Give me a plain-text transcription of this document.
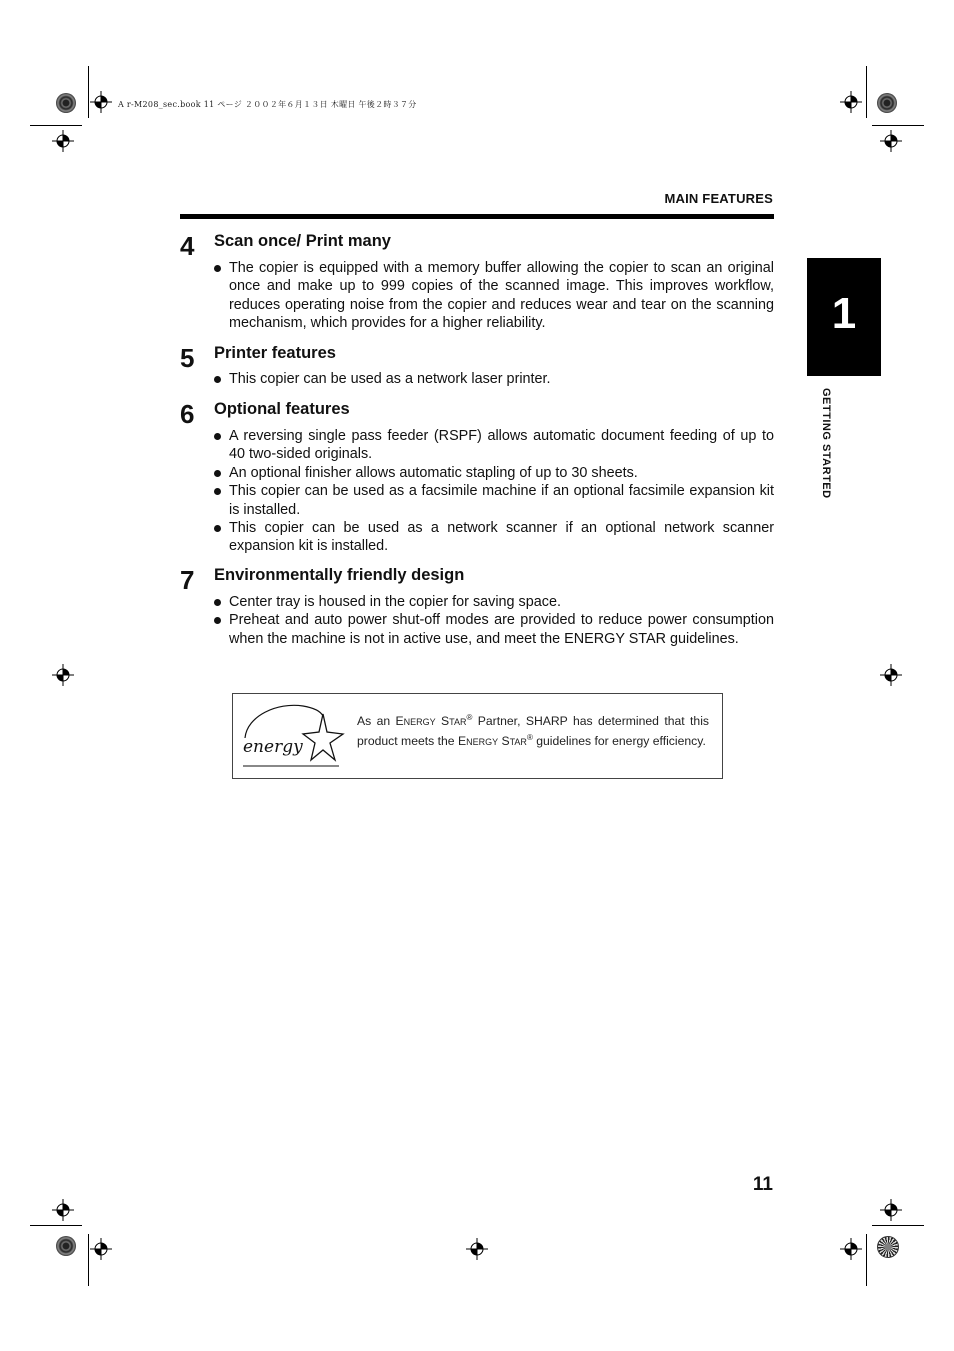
A r-M208_sec.book 11 ページ ２００２年６月１３日 木曜日 午後２時３７分
MAIN FEATURES
4 Scan once/ Print many
The copier is equipped with a memory buffer allowing the copier to scan an original once and make up to 999 copies of the scanned image. This improves workflow, reduces operating noise from the copier and reduces wear and tear on the scanning mechanism, which provides for a higher reliability.
5 Printer features
This copier can be used as a network laser printer.
6 Optional features
A reversing single pass feeder (RSPF) allows automatic document feeding of up to 40 two-sided originals.
An optional finisher allows automatic stapling of up to 30 sheets.
This copier can be used as a facsimile machine if an optional facsimile expansion kit is installed.
This copier can be used as a network scanner if an optional network scanner expansion kit is installed.
7 Environmentally friendly design
Center tray is housed in the copier for saving space.
Preheat and auto power shut-off modes are provided to reduce power consumption when the machine is not in active use, and meet the ENERGY STAR guidelines.
energy
As an Energy Star® Partner, SHARP has determined that this product meets the Energy Star® guidelines for energy efficiency.
1
GETTING STARTED
11
